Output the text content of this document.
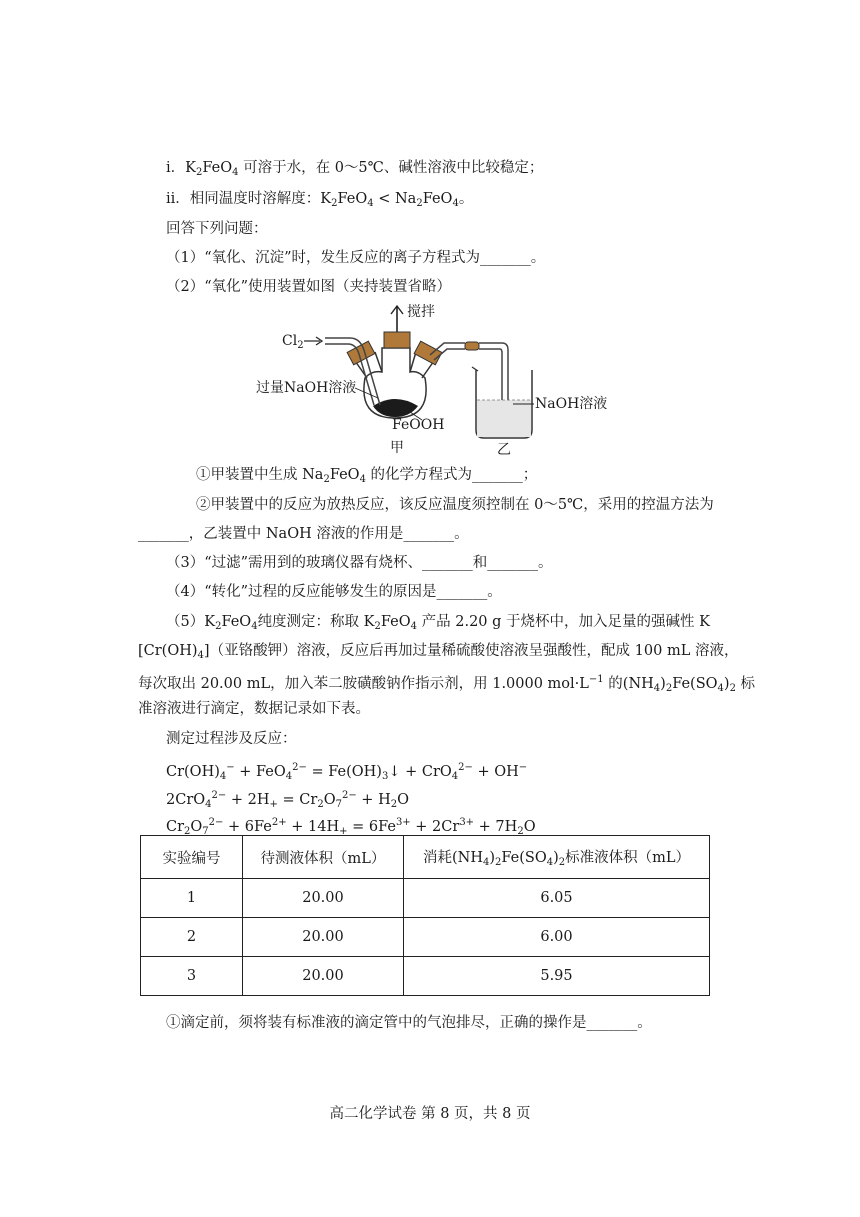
ⅰ．$K_2FeO_4$ 可溶于水，在 0～5℃、碱性溶液中比较稳定；
ⅱ．相同温度时溶解度：$K_2FeO_4 < Na_2FeO_4$。
回答下列问题：
（1）“氧化、沉淀”时，发生反应的离子方程式为_______。
（2）“氧化”使用装置如图（夹持装置省略）
搅拌
$Cl_2$
过量NaOH溶液
FeOOH
甲
NaOH溶液
乙
①甲装置中生成 $Na_2FeO_4$ 的化学方程式为_______；
②甲装置中的反应为放热反应，该反应温度须控制在 0～5℃，采用的控温方法为
_______，乙装置中 NaOH 溶液的作用是_______。
（3）“过滤”需用到的玻璃仪器有烧杯、_______和_______。
（4）“转化”过程的反应能够发生的原因是_______。
$(5)K_2FeO_4$纯度测定：称取 $K_2FeO_4$ 产品 2.20 g 于烧杯中，加入足量的强碱性 K
$[Cr(OH)_4]$（亚铬酸钾）溶液，反应后再加过量稀硫酸使溶液呈强酸性，配成 100 mL 溶液，
每次取出 20.00 mL，加入苯二胺磺酸钠作指示剂，用 1.0000 $mol\cdot L^{-1}$ 的$(NH_4)_2Fe(SO_4)_2$ 标
准溶液进行滴定，数据记录如下表。
测定过程涉及反应：
$Cr(OH)_4^- + FeO_4^{2-}$ = $Fe(OH)_3↓ + CrO_4^{2-} + OH^-$
$2CrO_4^{2-} + 2H_+ = Cr_2O_7^{2-} + H_2O$
$Cr_2O_7^{2-} + 6Fe^{2+} + 14H_+ = 6Fe^{3+} + 2Cr^{3+} + 7H_2O$
实验编号	待测液体积（mL）	消耗$(NH_4)_2Fe(SO_4)_2$标准液体积（mL）
1	20.00	6.05
2	20.00	6.00
3	20.00	5.95
①滴定前，须将装有标准液的滴定管中的气泡排尽，正确的操作是_______。
高二化学试卷 第 8 页，共 8 页
